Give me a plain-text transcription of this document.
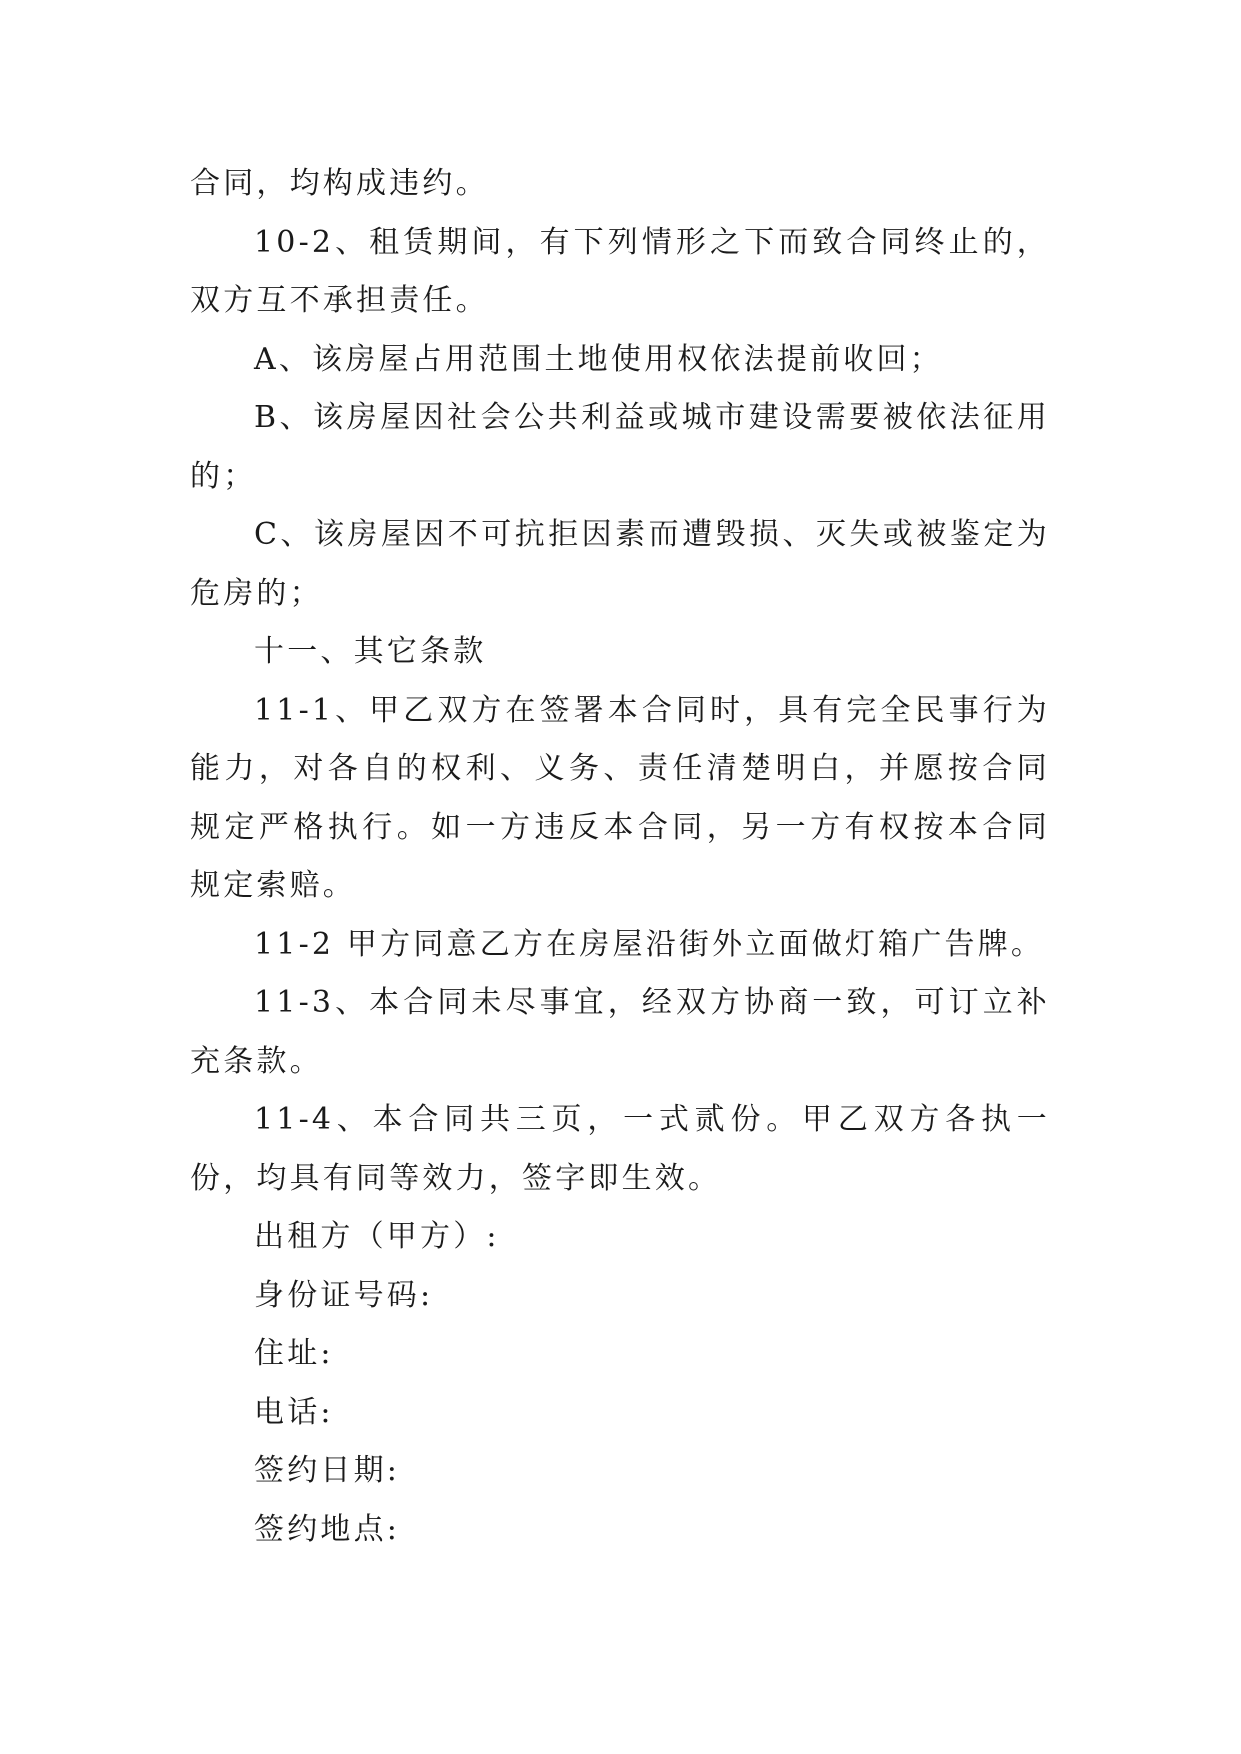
合同，均构成违约。

10-2、租赁期间，有下列情形之下而致合同终止的，双方互不承担责任。

A、该房屋占用范围土地使用权依法提前收回；

B、该房屋因社会公共利益或城市建设需要被依法征用的；

C、该房屋因不可抗拒因素而遭毁损、灭失或被鉴定为危房的；

十一、其它条款

11-1、甲乙双方在签署本合同时，具有完全民事行为能力，对各自的权利、义务、责任清楚明白，并愿按合同规定严格执行。如一方违反本合同，另一方有权按本合同规定索赔。

11-2 甲方同意乙方在房屋沿街外立面做灯箱广告牌。

11-3、本合同未尽事宜，经双方协商一致，可订立补充条款。

11-4、本合同共三页，一式贰份。甲乙双方各执一份，均具有同等效力，签字即生效。

出租方（甲方）:

身份证号码:

住址:

电话:

签约日期:

签约地点:
